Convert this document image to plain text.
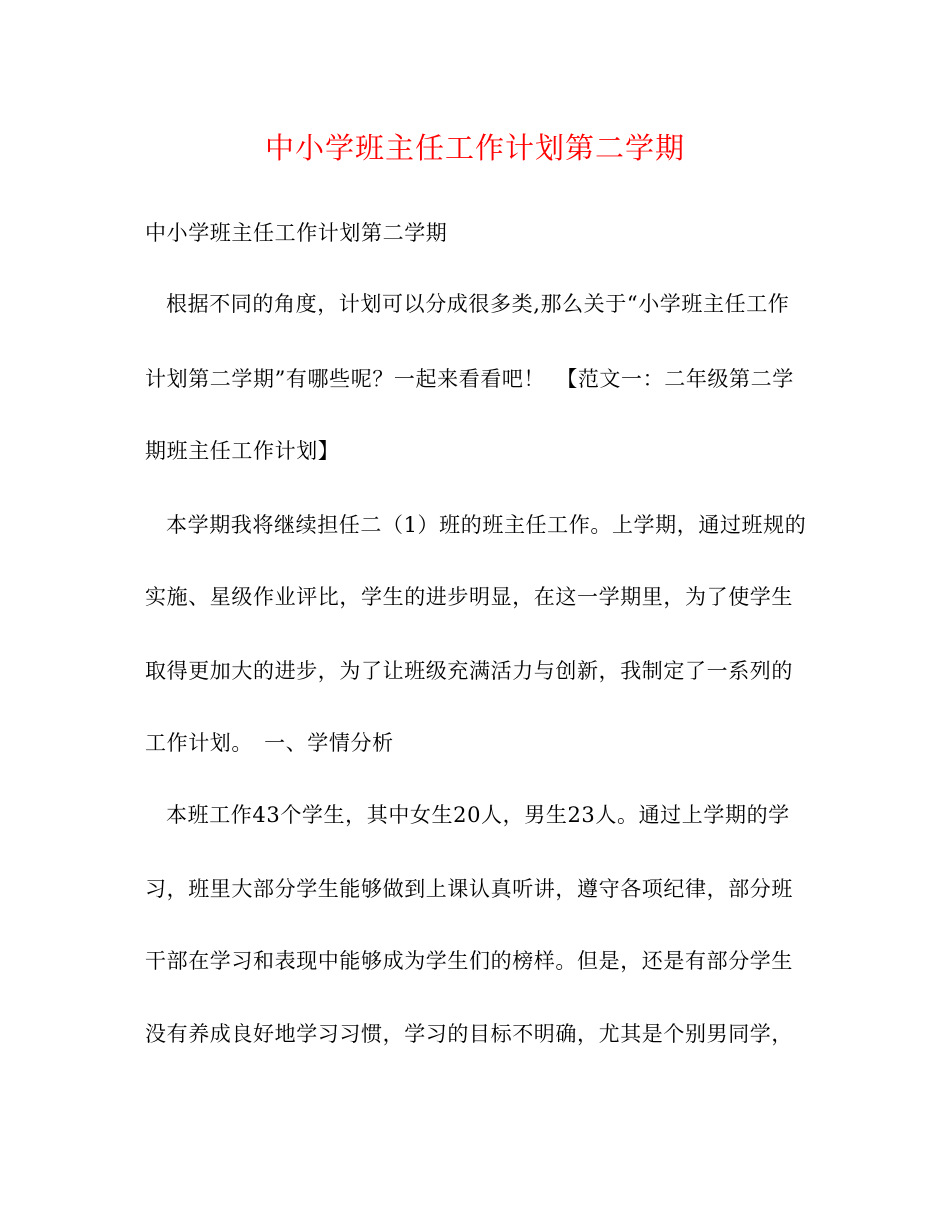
中小学班主任工作计划第二学期
中小学班主任工作计划第二学期
根据不同的角度，计划可以分成很多类,那么关于“小学班主任工作
计划第二学期”有哪些呢？一起来看看吧！　【范文一：二年级第二学
期班主任工作计划】
本学期我将继续担任二（1）班的班主任工作。上学期，通过班规的
实施、星级作业评比，学生的进步明显，在这一学期里，为了使学生
取得更加大的进步，为了让班级充满活力与创新，我制定了一系列的
工作计划。　一、学情分析
本班工作43个学生，其中女生20人，男生23人。通过上学期的学
习，班里大部分学生能够做到上课认真听讲，遵守各项纪律，部分班
干部在学习和表现中能够成为学生们的榜样。但是，还是有部分学生
没有养成良好地学习习惯，学习的目标不明确，尤其是个别男同学，
